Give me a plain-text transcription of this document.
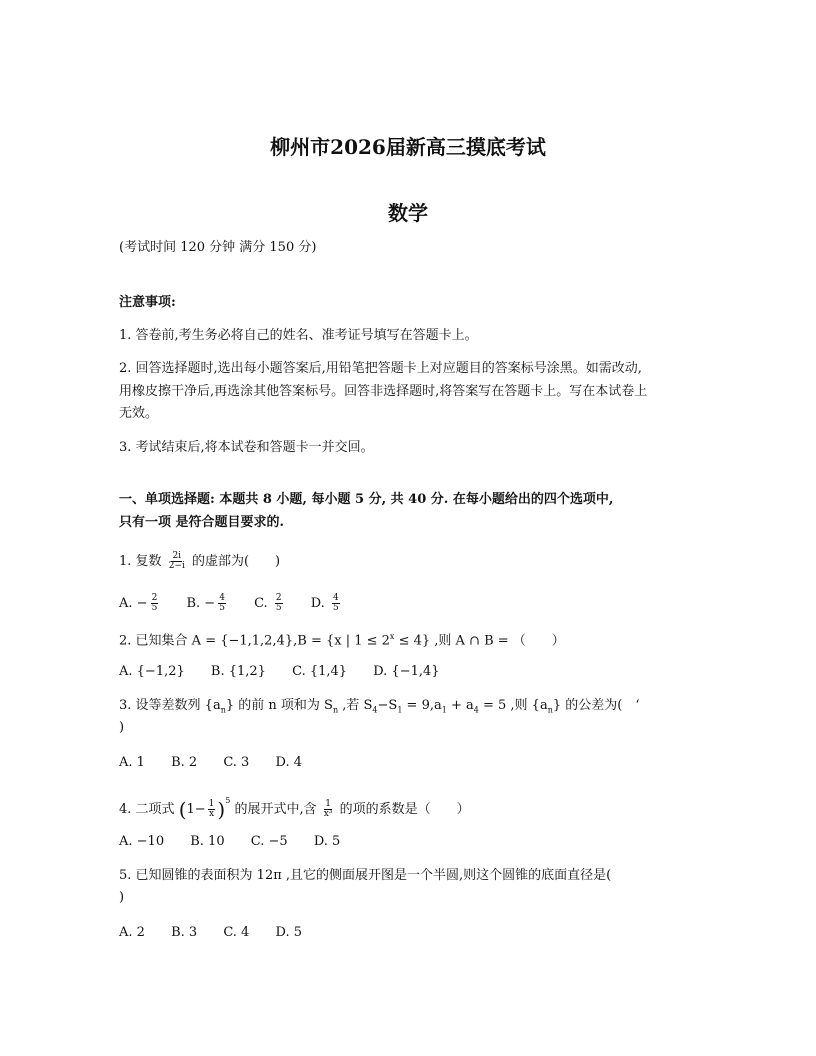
柳州市2026届新高三摸底考试
数学
(考试时间 120 分钟 满分 150 分)
注意事项:
1. 答卷前,考生务必将自己的姓名、准考证号填写在答题卡上。
2. 回答选择题时,选出每小题答案后,用铅笔把答题卡上对应题目的答案标号涂黑。如需改动,
用橡皮擦干净后,再选涂其他答案标号。回答非选择题时,将答案写在答题卡上。写在本试卷上
无效。
3. 考试结束后,将本试卷和答题卡一并交回。
一、单项选择题: 本题共 8 小题, 每小题 5 分, 共 40 分. 在每小题给出的四个选项中,
只有一项 是符合题目要求的.
1. 复数 $\frac{2i}{2-i}$ 的虚部为(　　)
A. − $\frac{2}{5} B$. − $\frac{4}{5} C$. $\frac{2}{5} D$. $\frac{4}{5}$
2. 已知集合 A = {−1,1,2,4},B = {x | $1 \le 2^x \le 4$} ,则 A ∩ B = （　　）
A. {−1,2} B. {1,2} C. {1,4} D. {−1,4}
3. 设等差数列 $\{a_n\}$ 的前 n 项和为 $S_n$ ,若 $S_4-S_1 = 9,a_1 + a_4 = 5$ ,则 $\{a_n\}$ 的公差为(　‘
)
A. 1 B. 2 C. 3 D. 4
4. 二项式 $(1- \frac{1}{x} )^5$ 的展开式中,含 $\frac{1}{\text{x³}}$ 的项的系数是（　　）
A. −10 B. 10 C. −5 D. 5
5. 已知圆锥的表面积为 12π ,且它的侧面展开图是一个半圆,则这个圆锥的底面直径是(
)
A. 2 B. 3 C. 4 D. 5
